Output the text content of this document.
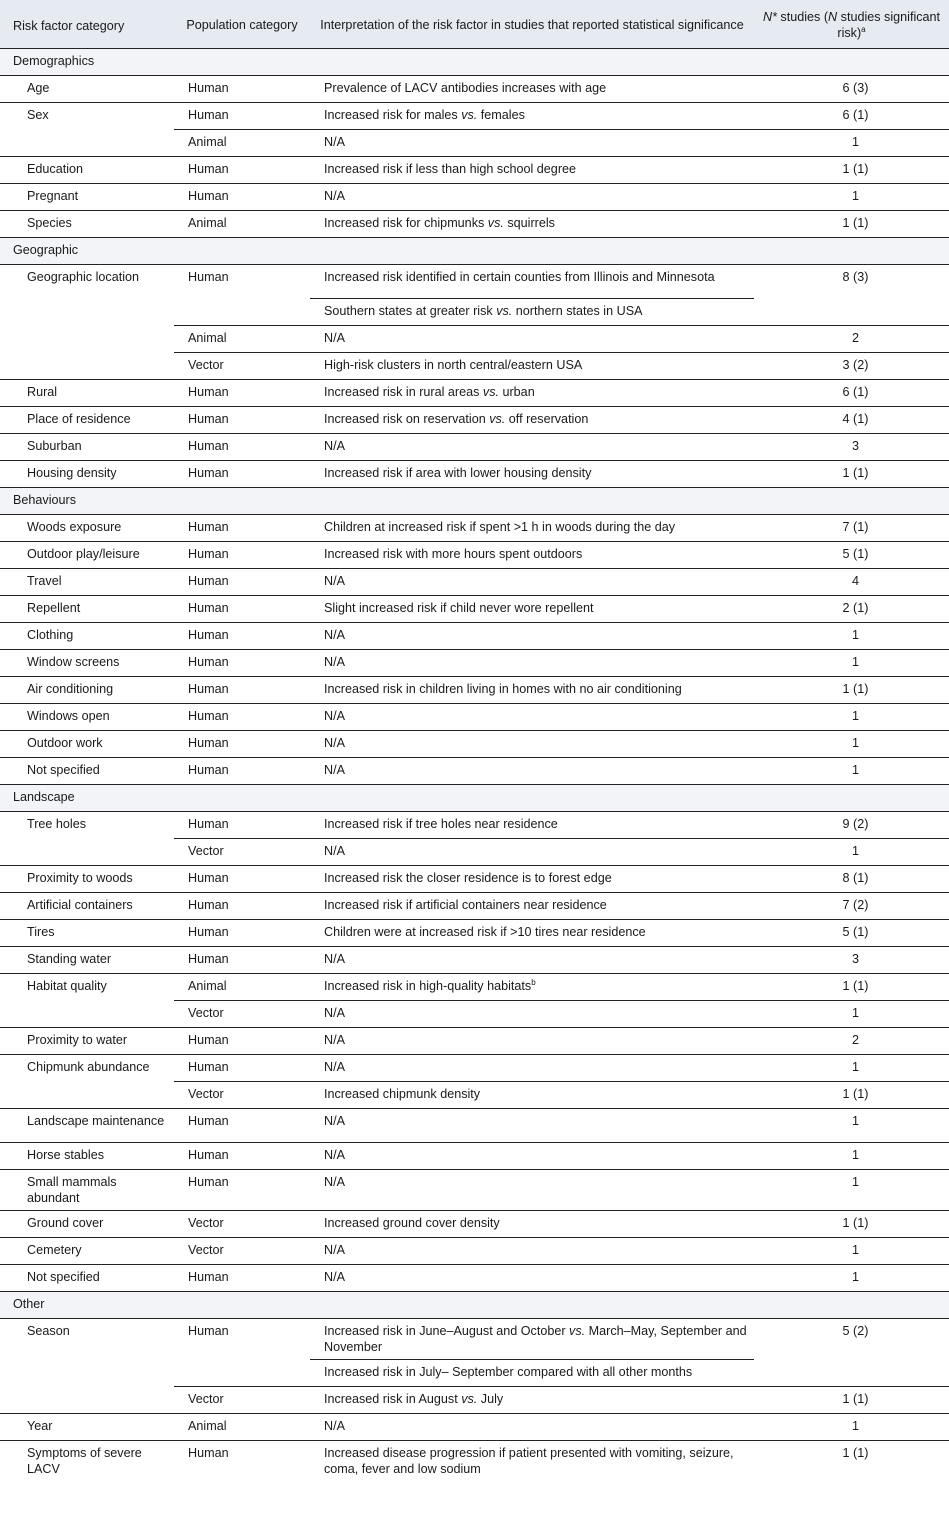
Risk factor category	Population category	Interpretation of the risk factor in studies that reported statistical significance	N* studies (N studies significant risk)$^a$
Demographics			
Age	Human	Prevalence of LACV antibodies increases with age	6 (3)
Sex	Human	Increased risk for males vs. females	6 (1)
	Animal	N/A	1
Education	Human	Increased risk if less than high school degree	1 (1)
Pregnant	Human	N/A	1
Species	Animal	Increased risk for chipmunks vs. squirrels	1 (1)
Geographic			
Geographic location	Human	Increased risk identified in certain counties from Illinois and Minnesota	8 (3)
		Southern states at greater risk vs. northern states in USA	
	Animal	N/A	2
	Vector	High-risk clusters in north central/eastern USA	3 (2)
Rural	Human	Increased risk in rural areas vs. urban	6 (1)
Place of residence	Human	Increased risk on reservation vs. off reservation	4 (1)
Suburban	Human	N/A	3
Housing density	Human	Increased risk if area with lower housing density	1 (1)
Behaviours			
Woods exposure	Human	Children at increased risk if spent >1 h in woods during the day	7 (1)
Outdoor play/leisure	Human	Increased risk with more hours spent outdoors	5 (1)
Travel	Human	N/A	4
Repellent	Human	Slight increased risk if child never wore repellent	2 (1)
Clothing	Human	N/A	1
Window screens	Human	N/A	1
Air conditioning	Human	Increased risk in children living in homes with no air conditioning	1 (1)
Windows open	Human	N/A	1
Outdoor work	Human	N/A	1
Not specified	Human	N/A	1
Landscape			
Tree holes	Human	Increased risk if tree holes near residence	9 (2)
	Vector	N/A	1
Proximity to woods	Human	Increased risk the closer residence is to forest edge	8 (1)
Artificial containers	Human	Increased risk if artificial containers near residence	7 (2)
Tires	Human	Children were at increased risk if >10 tires near residence	5 (1)
Standing water	Human	N/A	3
Habitat quality	Animal	Increased risk in high-quality habitats$^b$	1 (1)
	Vector	N/A	1
Proximity to water	Human	N/A	2
Chipmunk abundance	Human	N/A	1
	Vector	Increased chipmunk density	1 (1)
Landscape maintenance	Human	N/A	1
Horse stables	Human	N/A	1
Small mammals abundant	Human	N/A	1
Ground cover	Vector	Increased ground cover density	1 (1)
Cemetery	Vector	N/A	1
Not specified	Human	N/A	1
Other			
Season	Human	Increased risk in June–August and October vs. March–May, September and November	5 (2)
		Increased risk in July– September compared with all other months	
	Vector	Increased risk in August vs. July	1 (1)
Year	Animal	N/A	1
Symptoms of severe LACV	Human	Increased disease progression if patient presented with vomiting, seizure, coma, fever and low sodium	1 (1)
